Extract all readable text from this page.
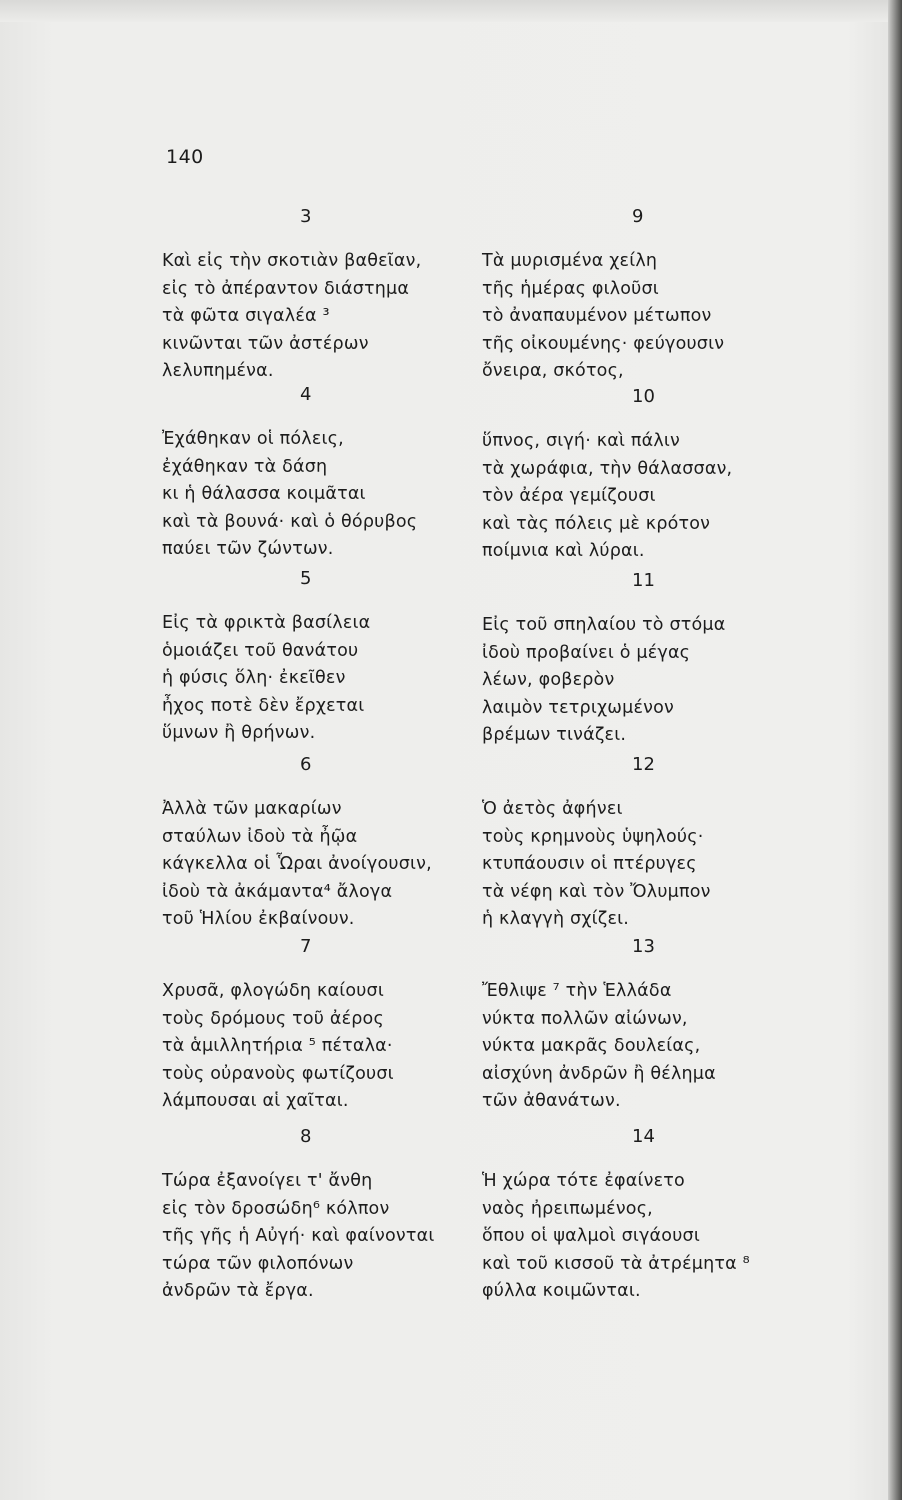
140
3
Καὶ εἰς τὴν σκοτιὰν βαθεῖαν,
εἰς τὸ ἀπέραντον διάστημα
τὰ φῶτα σιγαλέα ³
κινῶνται τῶν ἀστέρων
λελυπημένα.
4
Ἐχάθηκαν οἱ πόλεις,
ἐχάθηκαν τὰ δάση
κι ἡ θάλασσα κοιμᾶται
καὶ τὰ βουνά· καὶ ὁ θόρυβος
παύει τῶν ζώντων.
5
Εἰς τὰ φρικτὰ βασίλεια
ὁμοιάζει τοῦ θανάτου
ἡ φύσις ὅλη· ἐκεῖθεν
ἦχος ποτὲ δὲν ἔρχεται
ὕμνων ἢ θρήνων.
6
Ἀλλὰ τῶν μακαρίων
σταύλων ἰδοὺ τὰ ἦῷα
κάγκελλα οἱ Ὧραι ἀνοίγουσιν,
ἰδοὺ τὰ ἀκάμαντα⁴ ἄλογα
τοῦ Ἡλίου ἐκβαίνουν.
7
Χρυσᾶ, φλογώδη καίουσι
τοὺς δρόμους τοῦ ἀέρος
τὰ ἁμιλλητήρια ⁵ πέταλα·
τοὺς οὐρανοὺς φωτίζουσι
λάμπουσαι αἱ χαῖται.
8
Τώρα ἐξανοίγει τ' ἄνθη
εἰς τὸν δροσώδη⁶ κόλπον
τῆς γῆς ἡ Αὐγή· καὶ φαίνονται
τώρα τῶν φιλοπόνων
ἀνδρῶν τὰ ἔργα.
9
Τὰ μυρισμένα χείλη
τῆς ἡμέρας φιλοῦσι
τὸ ἀναπαυμένον μέτωπον
τῆς οἰκουμένης· φεύγουσιν
ὄνειρα, σκότος,
10
ὕπνος, σιγή· καὶ πάλιν
τὰ χωράφια, τὴν θάλασσαν,
τὸν ἀέρα γεμίζουσι
καὶ τὰς πόλεις μὲ κρότον
ποίμνια καὶ λύραι.
11
Εἰς τοῦ σπηλαίου τὸ στόμα
ἰδοὺ προβαίνει ὁ μέγας
λέων, φοβερὸν
λαιμὸν τετριχωμένον
βρέμων τινάζει.
12
Ὁ ἀετὸς ἀφήνει
τοὺς κρημνοὺς ὑψηλούς·
κτυπάουσιν οἱ πτέρυγες
τὰ νέφη καὶ τὸν Ὄλυμπον
ἡ κλαγγὴ σχίζει.
13
Ἔθλιψε ⁷ τὴν Ἑλλάδα
νύκτα πολλῶν αἰώνων,
νύκτα μακρᾶς δουλείας,
αἰσχύνη ἀνδρῶν ἢ θέλημα
τῶν ἀθανάτων.
14
Ἡ χώρα τότε ἐφαίνετο
ναὸς ἠρειπωμένος,
ὅπου οἱ ψαλμοὶ σιγάουσι
καὶ τοῦ κισσοῦ τὰ ἀτρέμητα ⁸
φύλλα κοιμῶνται.
